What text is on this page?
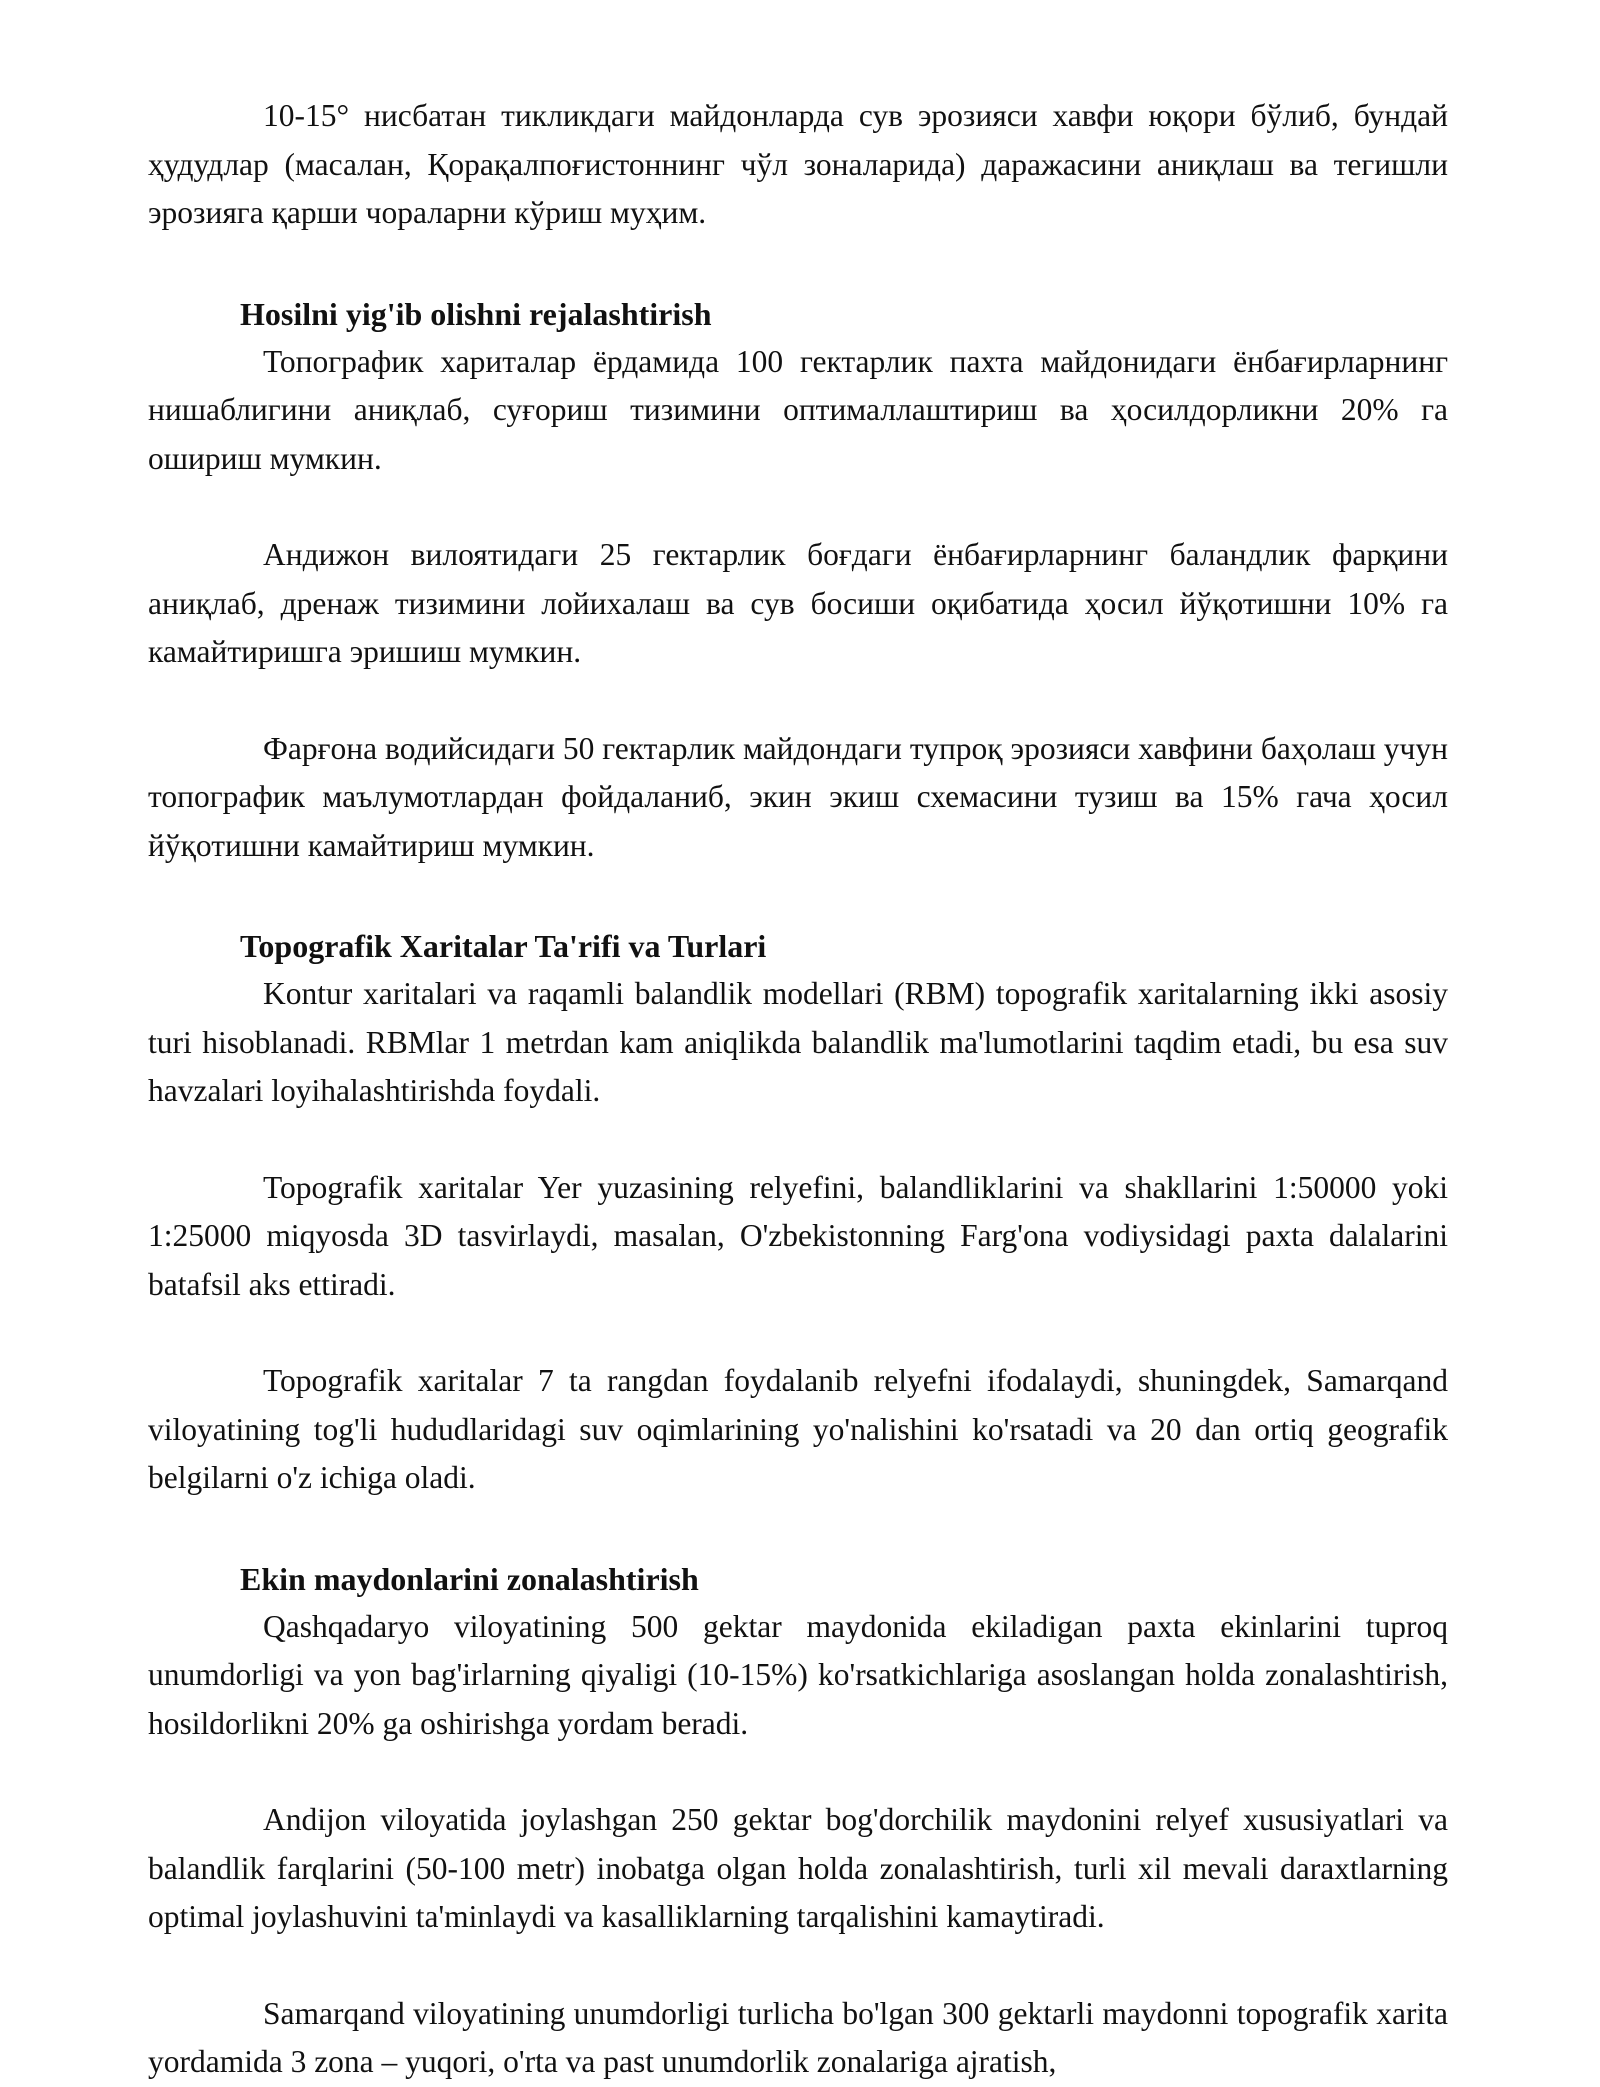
10-15° нисбатан тикликдаги майдонларда сув эрозияси хавфи юқори бўлиб, бундай ҳудудлар (масалан, Қорақалпоғистоннинг чўл зоналарида) даражасини аниқлаш ва тегишли эрозияга қарши чораларни кўриш муҳим.

Hosilni yig'ib olishni rejalashtirish

Топографик хариталар ёрдамида 100 гектарлик пахта майдонидаги ёнбағирларнинг нишаблигини аниқлаб, суғориш тизимини оптималлаштириш ва ҳосилдорликни 20% га ошириш мумкин.

Андижон вилоятидаги 25 гектарлик боғдаги ёнбағирларнинг баландлик фарқини аниқлаб, дренаж тизимини лойихалаш ва сув босиши оқибатида ҳосил йўқотишни 10% га камайтиришга эришиш мумкин.

Фарғона водийсидаги 50 гектарлик майдондаги тупроқ эрозияси хавфини баҳолаш учун топографик маълумотлардан фойдаланиб, экин экиш схемасини тузиш ва 15% гача ҳосил йўқотишни камайтириш мумкин.

Topografik Xaritalar Ta'rifi va Turlari

Kontur xaritalari va raqamli balandlik modellari (RBM) topografik xaritalarning ikki asosiy turi hisoblanadi. RBMlar 1 metrdan kam aniqlikda balandlik ma'lumotlarini taqdim etadi, bu esa suv havzalari loyihalashtirishda foydali.

Topografik xaritalar Yer yuzasining relyefini, balandliklarini va shakllarini 1:50000 yoki 1:25000 miqyosda 3D tasvirlaydi, masalan, O'zbekistonning Farg'ona vodiysidagi paxta dalalarini batafsil aks ettiradi.

Topografik xaritalar 7 ta rangdan foydalanib relyefni ifodalaydi, shuningdek, Samarqand viloyatining tog'li hududlaridagi suv oqimlarining yo'nalishini ko'rsatadi va 20 dan ortiq geografik belgilarni o'z ichiga oladi.

Ekin maydonlarini zonalashtirish

Qashqadaryo viloyatining 500 gektar maydonida ekiladigan paxta ekinlarini tuproq unumdorligi va yon bag'irlarning qiyaligi (10-15%) ko'rsatkichlariga asoslangan holda zonalashtirish, hosildorlikni 20% ga oshirishga yordam beradi.

Andijon viloyatida joylashgan 250 gektar bog'dorchilik maydonini relyef xususiyatlari va balandlik farqlarini (50-100 metr) inobatga olgan holda zonalashtirish, turli xil mevali daraxtlarning optimal joylashuvini ta'minlaydi va kasalliklarning tarqalishini kamaytiradi.

Samarqand viloyatining unumdorligi turlicha bo'lgan 300 gektarli maydonni topografik xarita yordamida 3 zona – yuqori, o'rta va past unumdorlik zonalariga ajratish,
